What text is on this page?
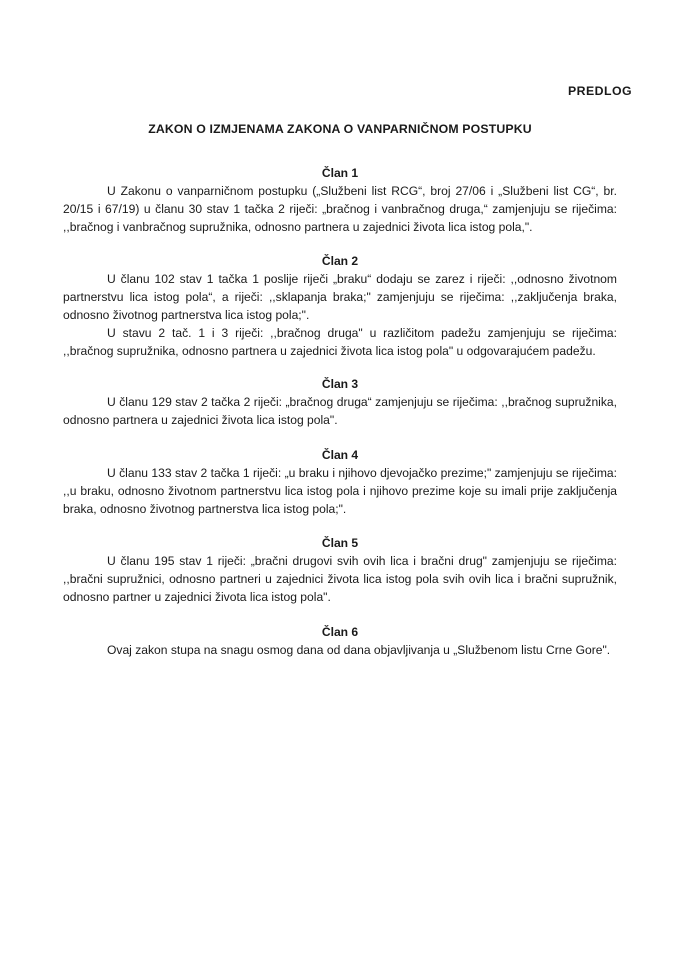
PREDLOG
ZAKON O IZMJENAMA ZAKONA O VANPARNIČNOM POSTUPKU
Član 1

U Zakonu o vanparničnom postupku („Službeni list RCG“, broj 27/06 i „Službeni list CG“, br. 20/15 i 67/19) u članu 30 stav 1 tačka 2 riječi: „bračnog i vanbračnog druga,“ zamjenjuju se riječima: ,,bračnog i vanbračnog supružnika, odnosno partnera u zajednici života lica istog pola,".

Član 2

U članu 102 stav 1 tačka 1 poslije riječi „braku“ dodaju se zarez i riječi: ,,odnosno životnom partnerstvu lica istog pola“, a riječi: ,,sklapanja braka;" zamjenjuju se riječima: ,,zaključenja braka, odnosno životnog partnerstva lica istog pola;".

U stavu 2 tač. 1 i 3 riječi: ,,bračnog druga" u različitom padežu zamjenjuju se riječima: ,,bračnog supružnika, odnosno partnera u zajednici života lica istog pola" u odgovarajućem padežu.

Član 3

U članu 129 stav 2 tačka 2 riječi: „bračnog druga“ zamjenjuju se riječima: ,,bračnog supružnika, odnosno partnera u zajednici života lica istog pola".

Član 4

U članu 133 stav 2 tačka 1 riječi: „u braku i njihovo djevojačko prezime;" zamjenjuju se riječima: ,,u braku, odnosno životnom partnerstvu lica istog pola i njihovo prezime koje su imali prije zaključenja braka, odnosno životnog partnerstva lica istog pola;".

Član 5

U članu 195 stav 1 riječi: „bračni drugovi svih ovih lica i bračni drug" zamjenjuju se riječima: ,,bračni supružnici, odnosno partneri u zajednici života lica istog pola svih ovih lica i bračni supružnik, odnosno partner u zajednici života lica istog pola".

Član 6

Ovaj zakon stupa na snagu osmog dana od dana objavljivanja u „Službenom listu Crne Gore".
